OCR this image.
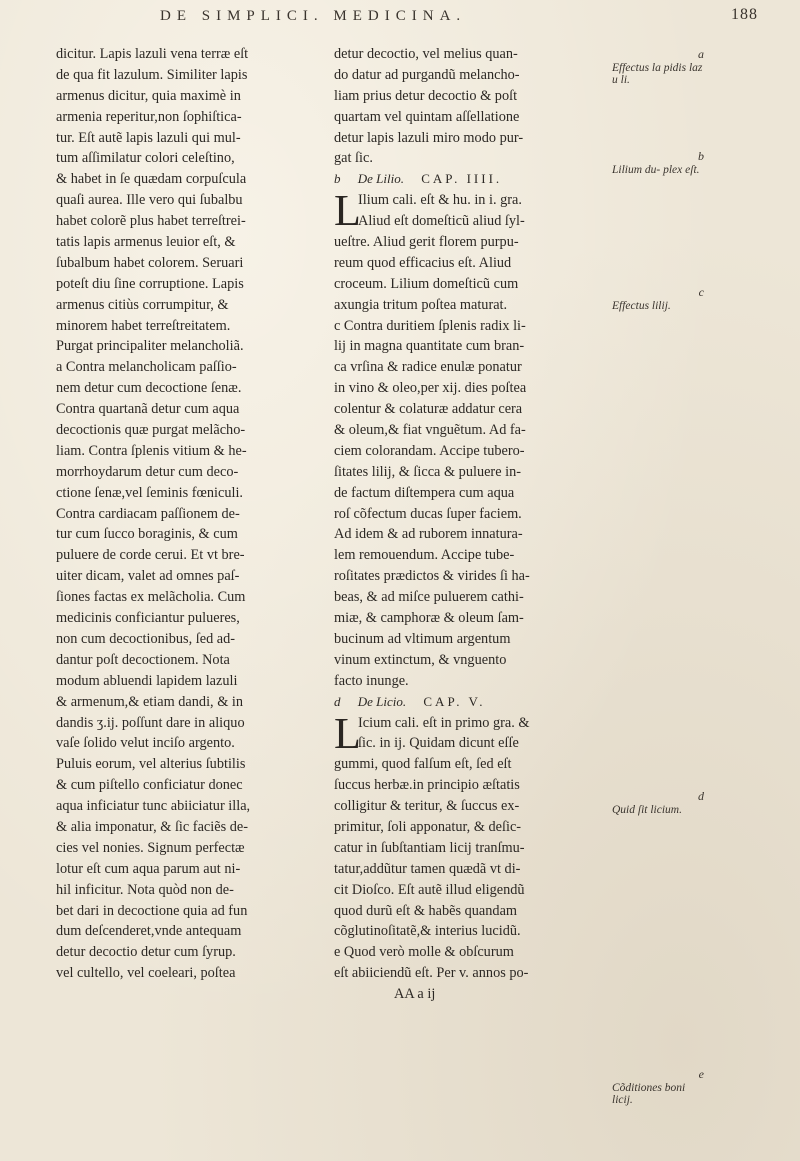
DE SIMPLICI. MEDICINA.	188
dicitur. Lapis lazuli vena terræ eſt
de qua fit lazulum. Similiter lapis
armenus dicitur, quia maximè in
armenia reperitur,non ſophiſtica-
tur. Eſt autẽ lapis lazuli qui mul-
tum aſſimilatur colori celeſtino,
& habet in ſe quædam corpuſcula
quaſi aurea. Ille vero qui ſubalbu
habet colorẽ plus habet terreſtrei-
tatis lapis armenus leuior eſt, &
ſubalbum habet colorem. Seruari
poteſt diu ſine corruptione. Lapis
armenus citiùs corrumpitur, &
minorem habet terreſtreitatem.
Purgat principaliter melancholiã.
a Contra melancholicam paſſio-
nem detur cum decoctione ſenæ.
Contra quartanã detur cum aqua
decoctionis quæ purgat melãcho-
liam. Contra ſplenis vitium & he-
morrhoydarum detur cum deco-
ctione ſenæ,vel ſeminis fœniculi.
Contra cardiacam paſſionem de-
tur cum ſucco boraginis, & cum
puluere de corde cerui. Et vt bre-
uiter dicam, valet ad omnes paſ-
ſiones factas ex melãcholia. Cum
medicinis conficiantur pulueres,
non cum decoctionibus, ſed ad-
dantur poſt decoctionem. Nota
modum abluendi lapidem lazuli
& armenum,& etiam dandi, & in
dandis ʒ.ij. poſſunt dare in aliquo
vaſe ſolido velut inciſo argento.
Puluis eorum, vel alterius ſubtilis
& cum piſtello conficiatur donec
aqua inficiatur tunc abiiciatur illa,
& alia imponatur, & ſic faciẽs de-
cies vel nonies. Signum perfectæ
lotur eſt cum aqua parum aut ni-
hil inficitur. Nota quòd non de-
bet dari in decoctione quia ad fun
dum deſcenderet,vnde antequam
detur decoctio detur cum ſyrup.
vel cultello, vel coeleari, poſtea
detur decoctio, vel melius quan-
do datur ad purgandũ melancho-
liam prius detur decoctio & poſt
quartam vel quintam aſſellatione
detur lapis lazuli miro modo pur-
gat ſic.
b De Lilio. CAP. IIII.
L
Ilium cali. eſt & hu. in i. gra.
Aliud eſt domeſticũ aliud ſyl-
ueſtre. Aliud gerit florem purpu-
reum quod efficacius eſt. Aliud
croceum. Lilium domeſticũ cum
axungia tritum poſtea maturat.
c Contra duritiem ſplenis radix li-
lij in magna quantitate cum bran-
ca vrſina & radice enulæ ponatur
in vino & oleo,per xij. dies poſtea
colentur & colaturæ addatur cera
& oleum,& fiat vnguẽtum. Ad fa-
ciem colorandam. Accipe tubero-
ſitates lilij, & ſicca & puluere in-
de factum diſtempera cum aqua
roſ cõfectum ducas ſuper faciem.
Ad idem & ad ruborem innatura-
lem remouendum. Accipe tube-
roſitates prædictos & virides ſi ha-
beas, & ad miſce puluerem cathi-
miæ, & camphoræ & oleum ſam-
bucinum ad vltimum argentum
vinum extinctum, & vnguento
facto inunge.
d De Licio. CAP. V.
L
Icium cali. eſt in primo gra. &
ſic. in ij. Quidam dicunt eſſe
gummi, quod falſum eſt, ſed eſt
ſuccus herbæ.in principio æſtatis
colligitur & teritur, & ſuccus ex-
primitur, ſoli apponatur, & deſic-
catur in ſubſtantiam licij tranſmu-
tatur,addũtur tamen quædã vt di-
cit Dioſco. Eſt autẽ illud eligendũ
quod durũ eſt & habẽs quandam
cõglutinoſitatẽ,& interius lucidũ.
e Quod verò molle & obſcurum
eſt abiiciendũ eſt. Per v. annos po-
AA a ij
a
Effectus la pidis laz u li.
b
Lilium du- plex eſt.
c
Effectus lilij.
d
Quid ſit licium.
e
Cõditiones boni licij.
